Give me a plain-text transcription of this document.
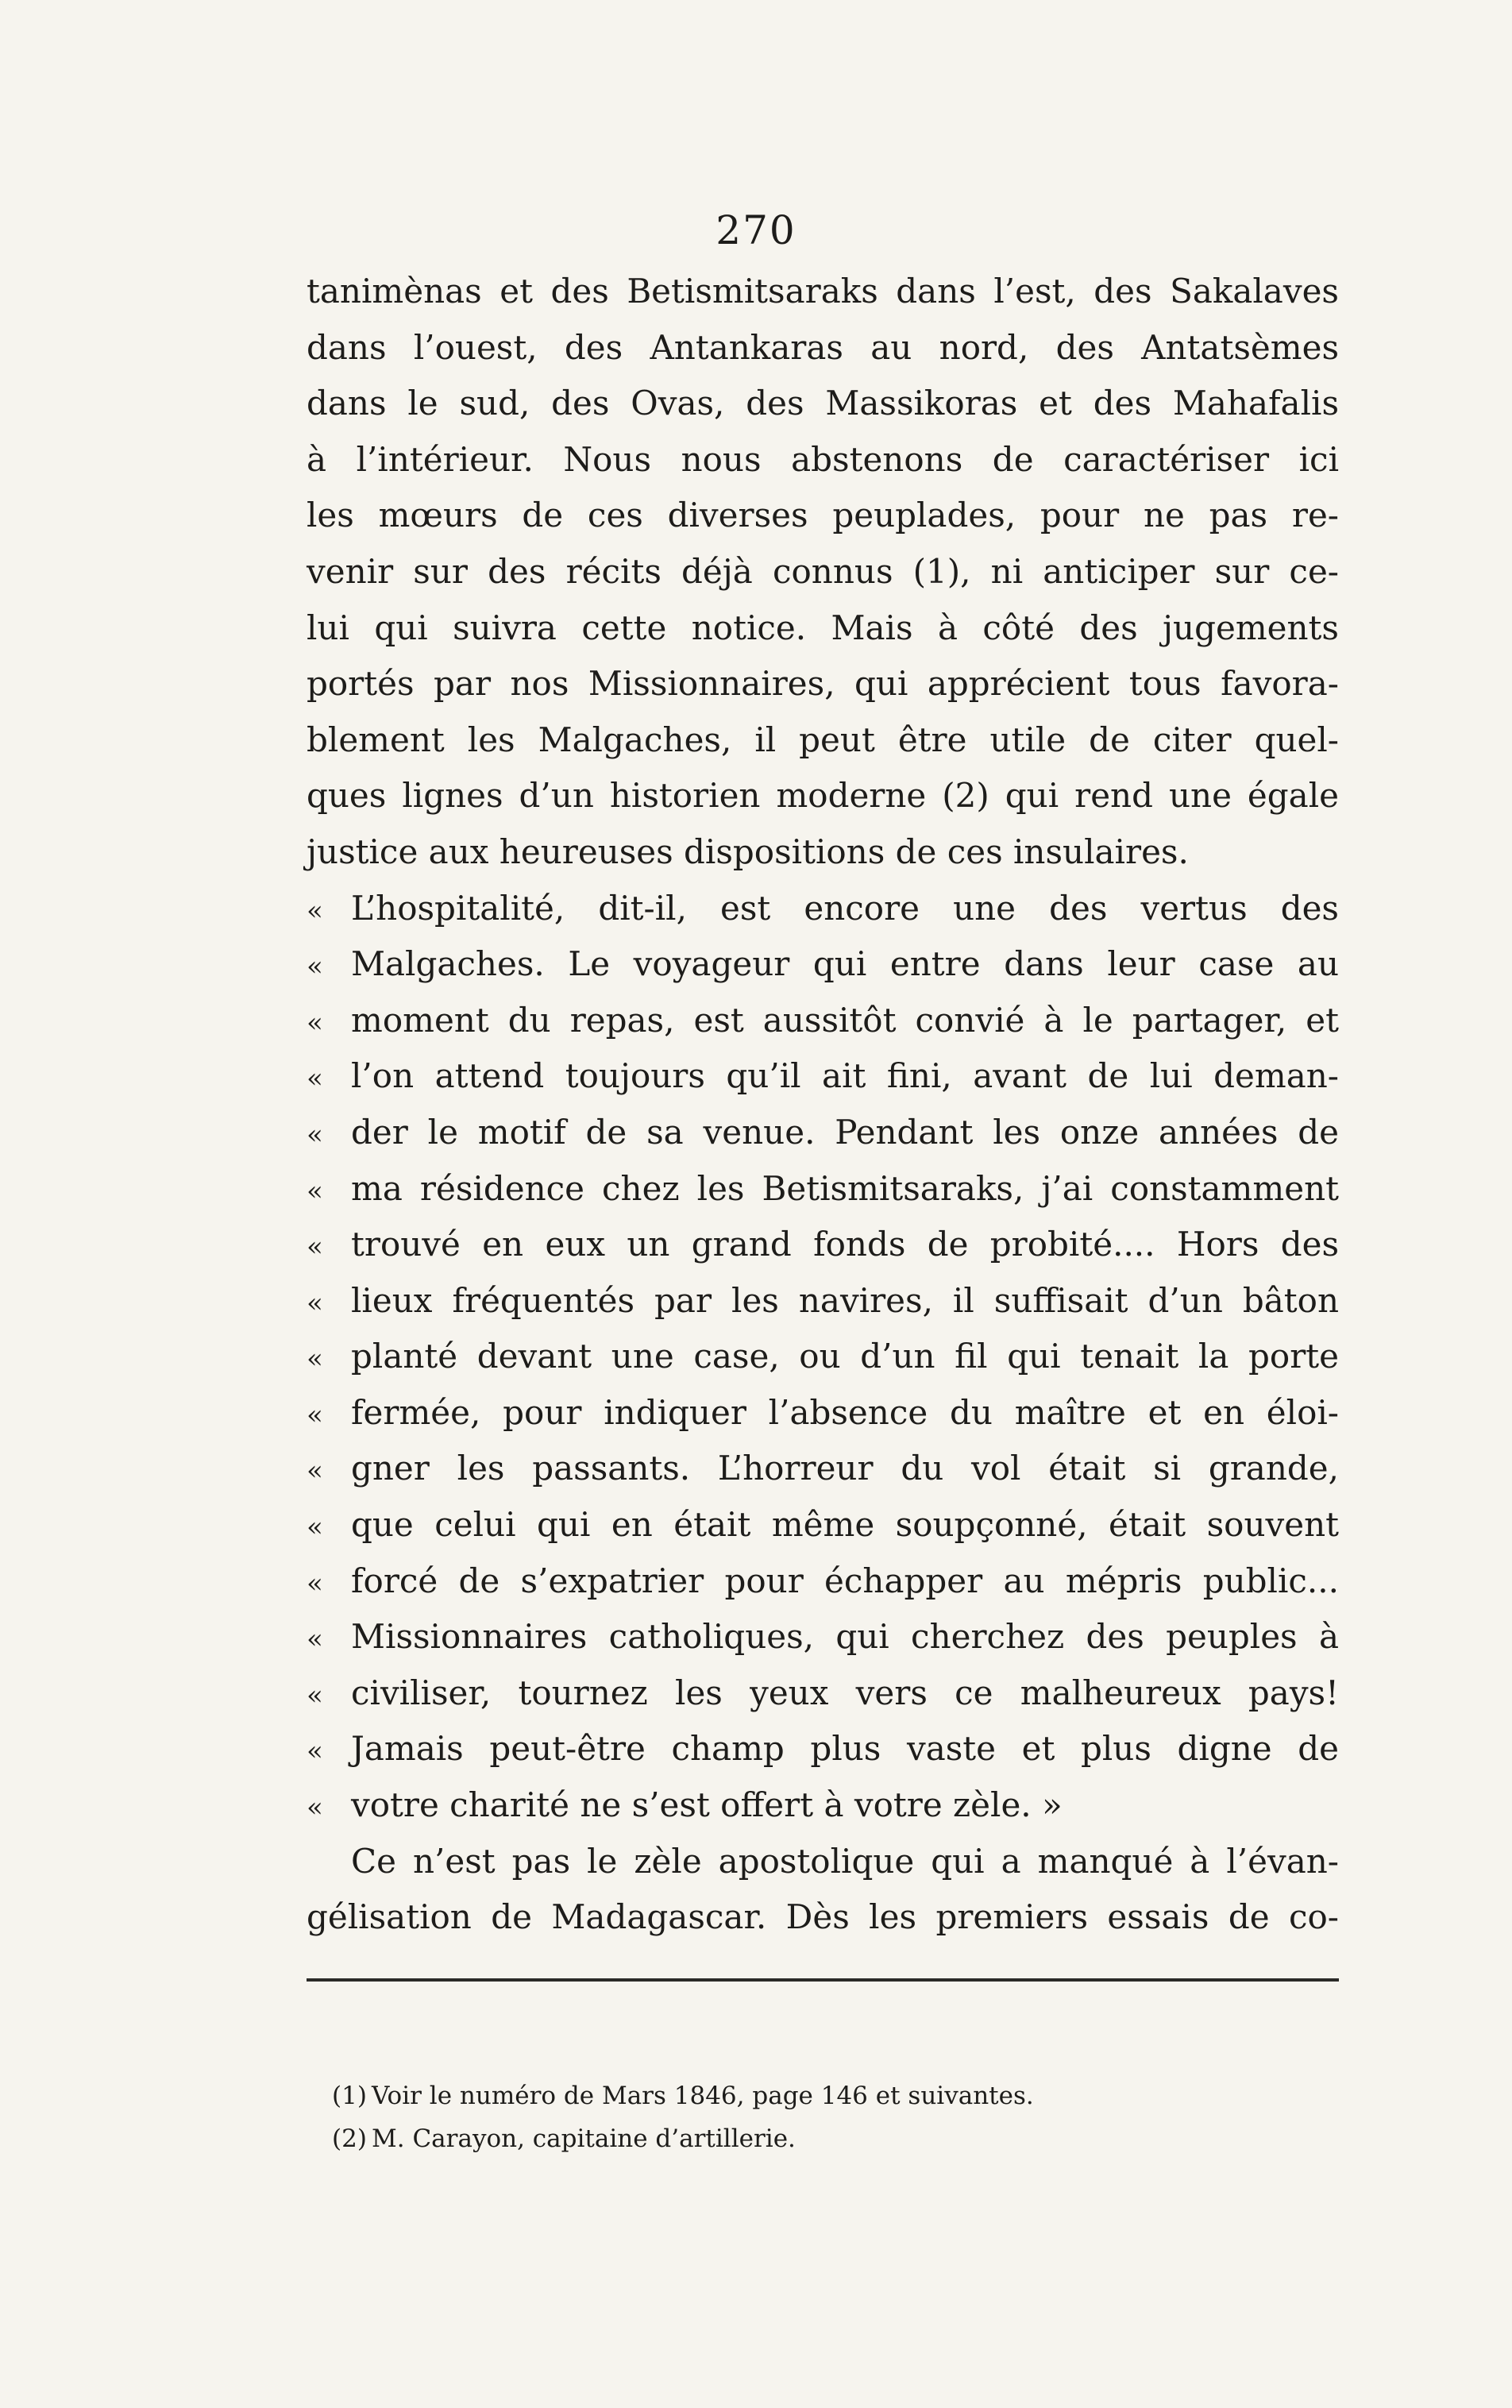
270
tanimènas et des Betismitsaraks dans l’est, des Sakalaves
dans l’ouest, des Antankaras au nord, des Antatsèmes
dans le sud, des Ovas, des Massikoras et des Mahafalis
à l’intérieur. Nous nous abstenons de caractériser ici
les mœurs de ces diverses peuplades, pour ne pas re-
venir sur des récits déjà connus (1), ni anticiper sur ce-
lui qui suivra cette notice. Mais à côté des jugements
portés par nos Missionnaires, qui apprécient tous favora-
blement les Malgaches, il peut être utile de citer quel-
ques lignes d’un historien moderne (2) qui rend une égale
justice aux heureuses dispositions de ces insulaires.
« L’hospitalité, dit-il, est encore une des vertus des
« Malgaches. Le voyageur qui entre dans leur case au
« moment du repas, est aussitôt convié à le partager, et
« l’on attend toujours qu’il ait fini, avant de lui deman-
« der le motif de sa venue. Pendant les onze années de
« ma résidence chez les Betismitsaraks, j’ai constamment
« trouvé en eux un grand fonds de probité.... Hors des
« lieux fréquentés par les navires, il suffisait d’un bâton
« planté devant une case, ou d’un fil qui tenait la porte
« fermée, pour indiquer l’absence du maître et en éloi-
« gner les passants. L’horreur du vol était si grande,
« que celui qui en était même soupçonné, était souvent
« forcé de s’expatrier pour échapper au mépris public...
« Missionnaires catholiques, qui cherchez des peuples à
« civiliser, tournez les yeux vers ce malheureux pays!
« Jamais peut-être champ plus vaste et plus digne de
« votre charité ne s’est offert à votre zèle. »
Ce n’est pas le zèle apostolique qui a manqué à l’évan-
gélisation de Madagascar. Dès les premiers essais de co-
(1) Voir le numéro de Mars 1846, page 146 et suivantes.
(2) M. Carayon, capitaine d’artillerie.
